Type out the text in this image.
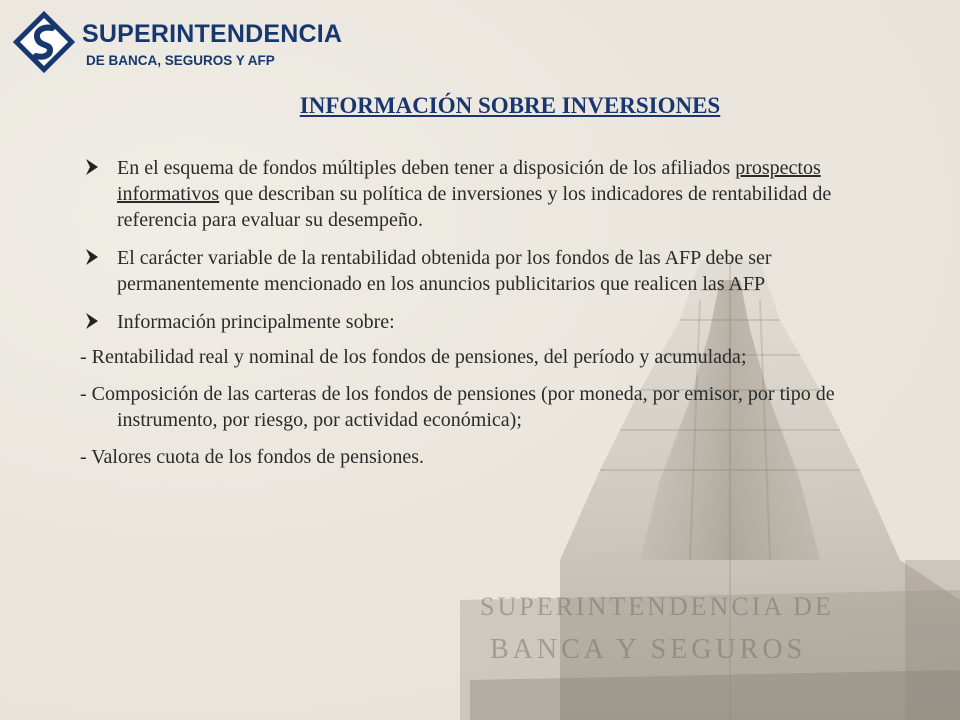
SUPERINTENDENCIA DE
BANCA Y SEGUROS
SUPERINTENDENCIA
DE BANCA, SEGUROS Y AFP
INFORMACIÓN SOBRE INVERSIONES
En el esquema de fondos múltiples deben tener a disposición de los afiliados prospectos informativos que describan su política de inversiones y los indicadores de rentabilidad de referencia para evaluar su desempeño.
El carácter variable de la rentabilidad obtenida por los fondos de las AFP debe ser permanentemente mencionado en los anuncios publicitarios que realicen las AFP
Información principalmente sobre:
- Rentabilidad real y nominal de los fondos de pensiones, del período y acumulada;
- Composición de las carteras de los fondos de pensiones (por moneda, por emisor, por tipo de instrumento, por riesgo, por actividad económica);
- Valores cuota de los fondos de pensiones.
